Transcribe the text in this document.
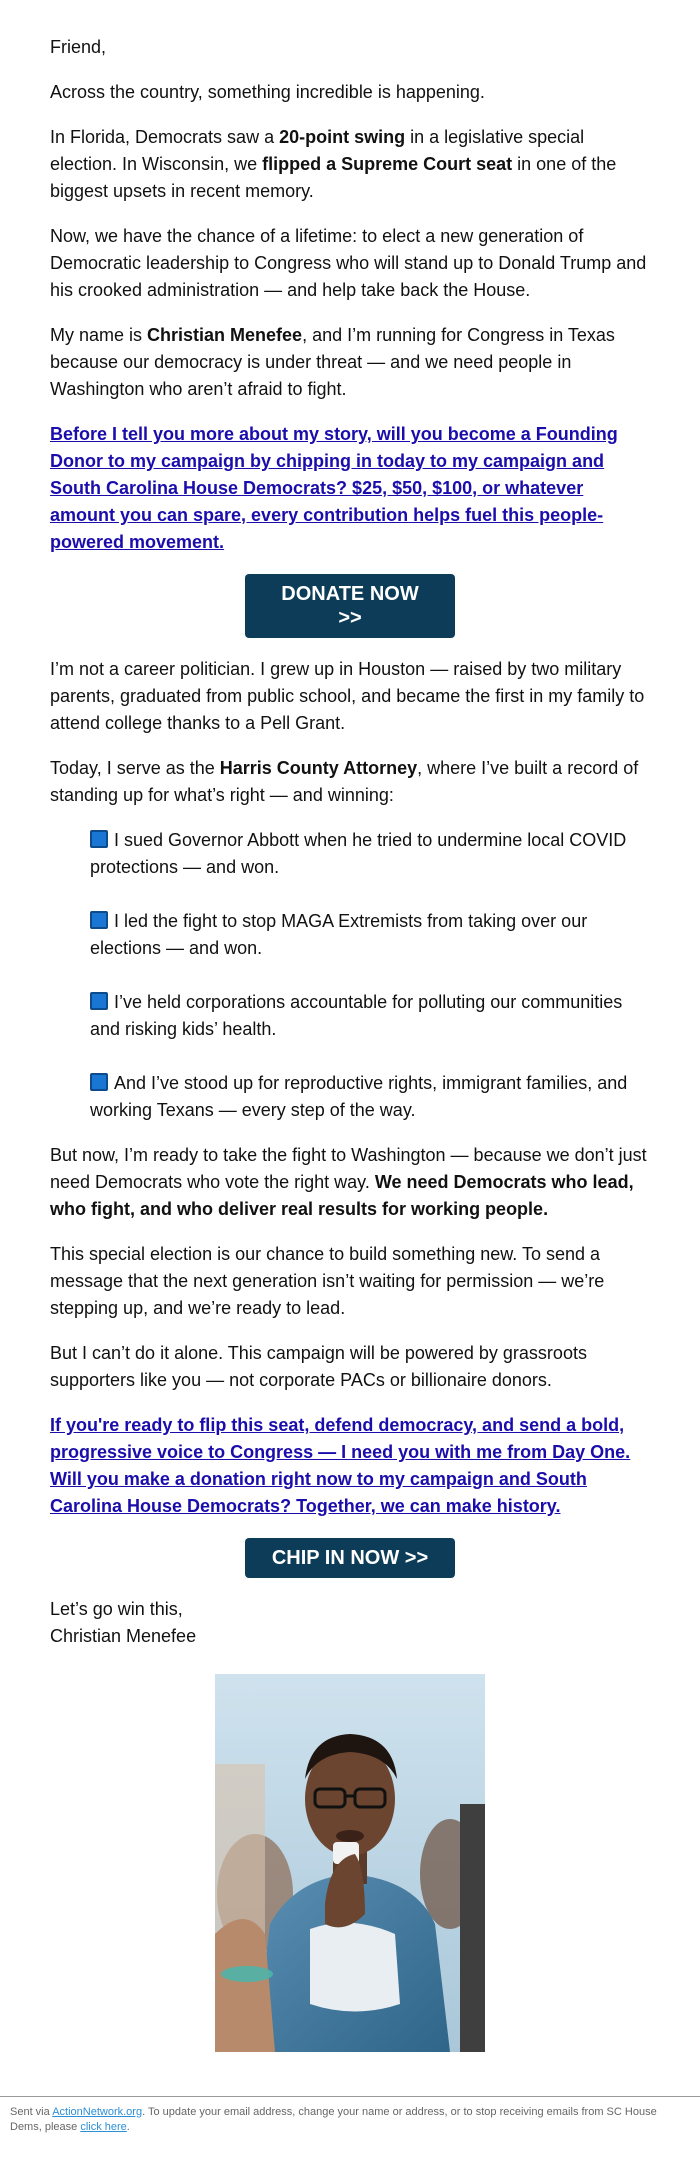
Friend,

Across the country, something incredible is happening.

In Florida, Democrats saw a 20-point swing in a legislative special election. In Wisconsin, we flipped a Supreme Court seat in one of the biggest upsets in recent memory.

Now, we have the chance of a lifetime: to elect a new generation of Democratic leadership to Congress who will stand up to Donald Trump and his crooked administration — and help take back the House.

My name is Christian Menefee, and I’m running for Congress in Texas because our democracy is under threat — and we need people in Washington who aren’t afraid to fight.

Before I tell you more about my story, will you become a Founding Donor to my campaign by chipping in today to my campaign and South Carolina House Democrats? $25, $50, $100, or whatever amount you can spare, every contribution helps fuel this people-powered movement.

DONATE NOW >>

I’m not a career politician. I grew up in Houston — raised by two military parents, graduated from public school, and became the first in my family to attend college thanks to a Pell Grant.

Today, I serve as the Harris County Attorney, where I’ve built a record of standing up for what’s right — and winning:

I sued Governor Abbott when he tried to undermine local COVID protections — and won.
I led the fight to stop MAGA Extremists from taking over our elections — and won.
I’ve held corporations accountable for polluting our communities and risking kids’ health.
And I’ve stood up for reproductive rights, immigrant families, and working Texans — every step of the way.

But now, I’m ready to take the fight to Washington — because we don’t just need Democrats who vote the right way. We need Democrats who lead, who fight, and who deliver real results for working people.

This special election is our chance to build something new. To send a message that the next generation isn’t waiting for permission — we’re stepping up, and we’re ready to lead.

But I can’t do it alone. This campaign will be powered by grassroots supporters like you — not corporate PACs or billionaire donors.

If you're ready to flip this seat, defend democracy, and send a bold, progressive voice to Congress — I need you with me from Day One. Will you make a donation right now to my campaign and South Carolina House Democrats? Together, we can make history.

CHIP IN NOW >>
Let’s go win this,
Christian Menefee
Sent via ActionNetwork.org. To update your email address, change your name or address, or to stop receiving emails from SC House Dems, please click here.
